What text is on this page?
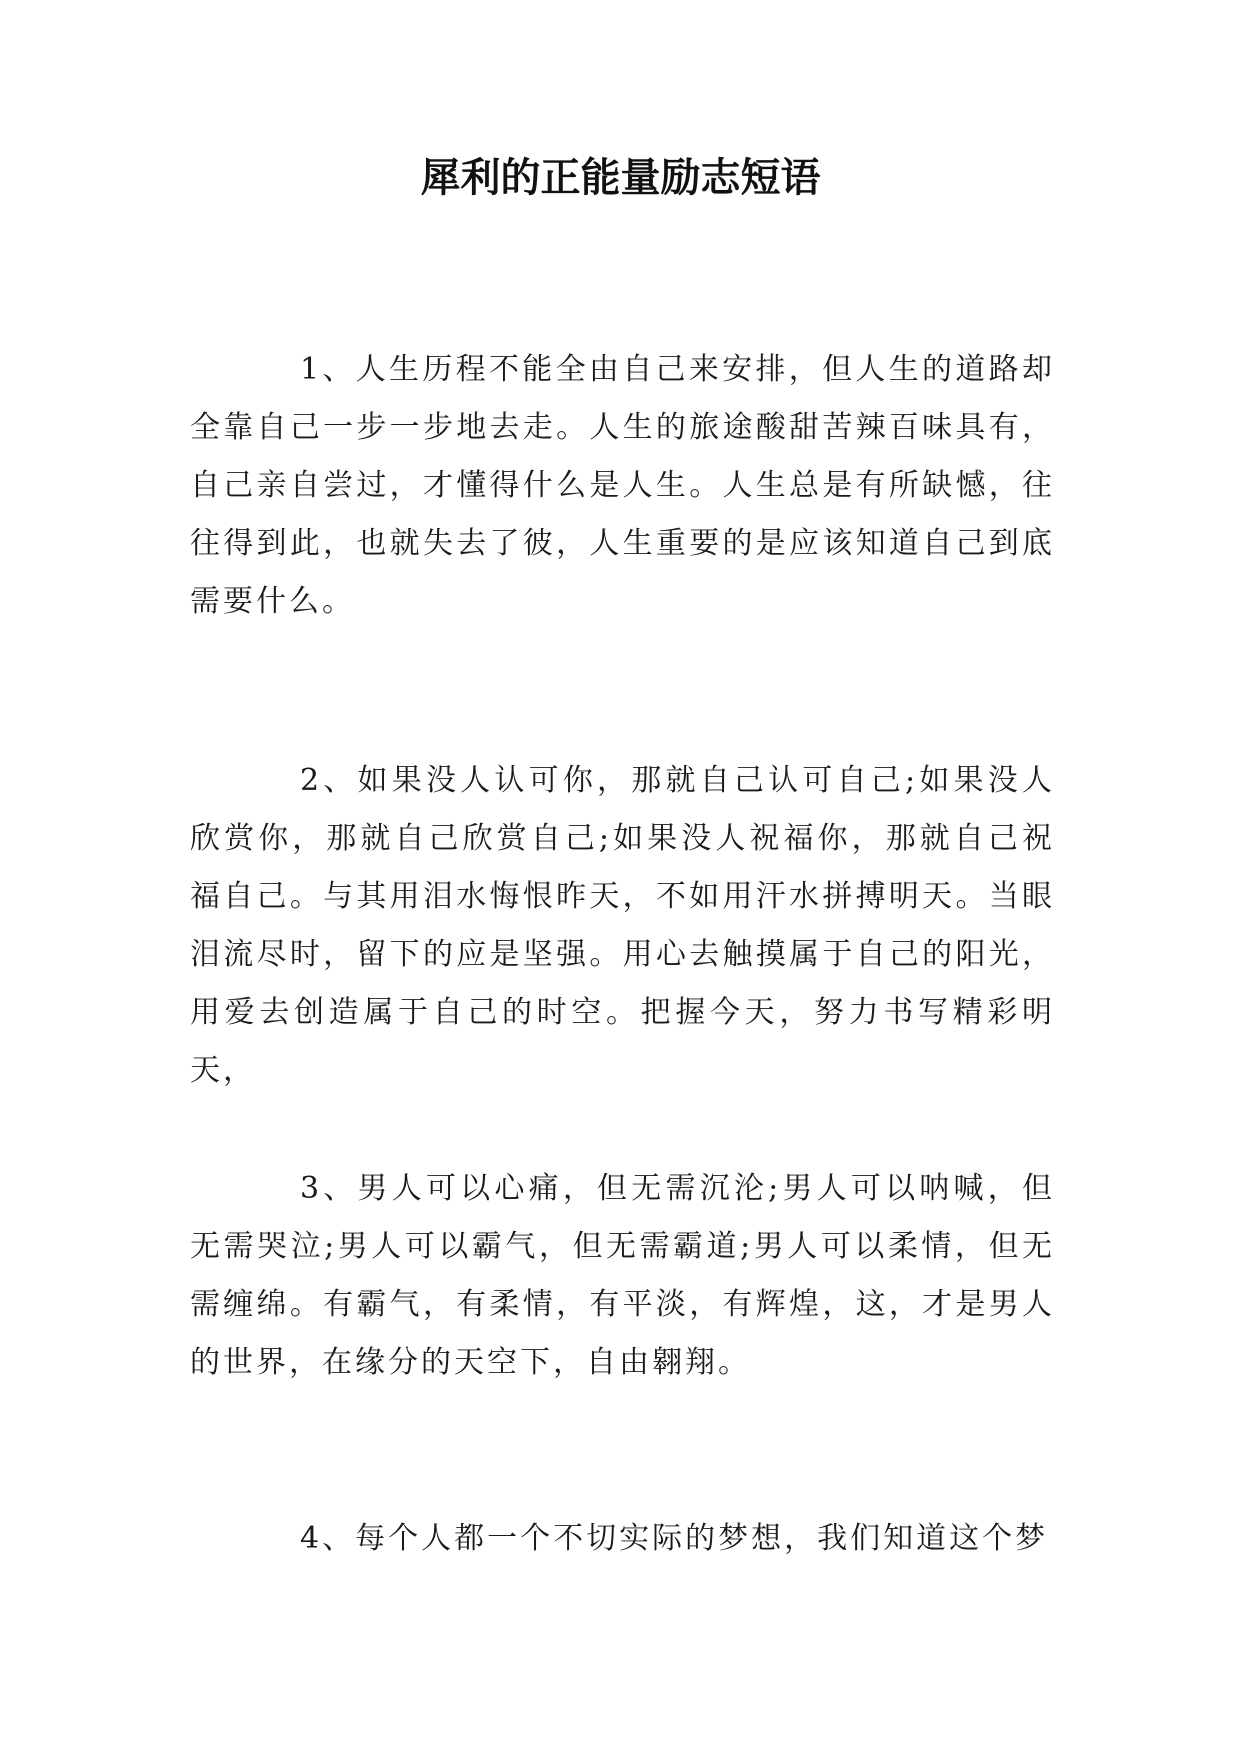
犀利的正能量励志短语

1、人生历程不能全由自己来安排，但人生的道路却全靠自己一步一步地去走。人生的旅途酸甜苦辣百味具有，自己亲自尝过，才懂得什么是人生。人生总是有所缺憾，往往得到此，也就失去了彼，人生重要的是应该知道自己到底需要什么。

2、如果没人认可你，那就自己认可自己;如果没人欣赏你，那就自己欣赏自己;如果没人祝福你，那就自己祝福自己。与其用泪水悔恨昨天，不如用汗水拼搏明天。当眼泪流尽时，留下的应是坚强。用心去触摸属于自己的阳光，用爱去创造属于自己的时空。把握今天，努力书写精彩明天，

3、男人可以心痛，但无需沉沦;男人可以呐喊，但无需哭泣;男人可以霸气，但无需霸道;男人可以柔情，但无需缠绵。有霸气，有柔情，有平淡，有辉煌，这，才是男人的世界，在缘分的天空下，自由翱翔。

4、每个人都一个不切实际的梦想，我们知道这个梦
